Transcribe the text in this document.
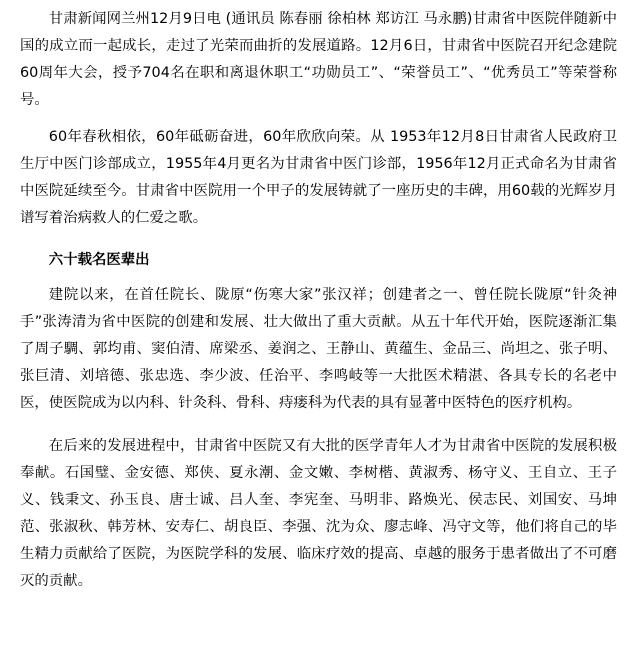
甘肃新闻网兰州12月9日电 (通讯员 陈春丽 徐柏林 郑访江 马永鹏)甘肃省中医院伴随新中国的成立而一起成长，走过了光荣而曲折的发展道路。12月6日，甘肃省中医院召开纪念建院60周年大会，授予704名在职和离退休职工“功勋员工”、“荣誉员工”、“优秀员工”等荣誉称号。

60年春秋相依，60年砥砺奋进，60年欣欣向荣。从 1953年12月8日甘肃省人民政府卫生厅中医门诊部成立，1955年4月更名为甘肃省中医门诊部，1956年12月正式命名为甘肃省中医院延续至今。甘肃省中医院用一个甲子的发展铸就了一座历史的丰碑，用60载的光辉岁月谱写着治病救人的仁爱之歌。

六十载名医辈出

建院以来，在首任院长、陇原“伤寒大家”张汉祥；创建者之一、曾任院长陇原“针灸神手”张涛清为省中医院的创建和发展、壮大做出了重大贡献。从五十年代开始，医院逐渐汇集了周子騆、郭均甫、窦伯清、席梁丞、姜润之、王静山、黄蕴生、金品三、尚坦之、张子明、张巨清、刘培德、张忠选、李少波、任治平、李鸣岐等一大批医术精湛、各具专长的名老中医，使医院成为以内科、针灸科、骨科、痔瘘科为代表的具有显著中医特色的医疗机构。

在后来的发展进程中，甘肃省中医院又有大批的医学青年人才为甘肃省中医院的发展积极奉献。石国璧、金安德、郑侠、夏永潮、金文嫩、李树楷、黄淑秀、杨守义、王自立、王子义、钱秉文、孙玉良、唐士诚、吕人奎、李宪奎、马明非、路焕光、侯志民、刘国安、马坤范、张淑秋、韩芳林、安寿仁、胡良臣、李强、沈为众、廖志峰、冯守文等，他们将自己的毕生精力贡献给了医院，为医院学科的发展、临床疗效的提高、卓越的服务于患者做出了不可磨灭的贡献。
